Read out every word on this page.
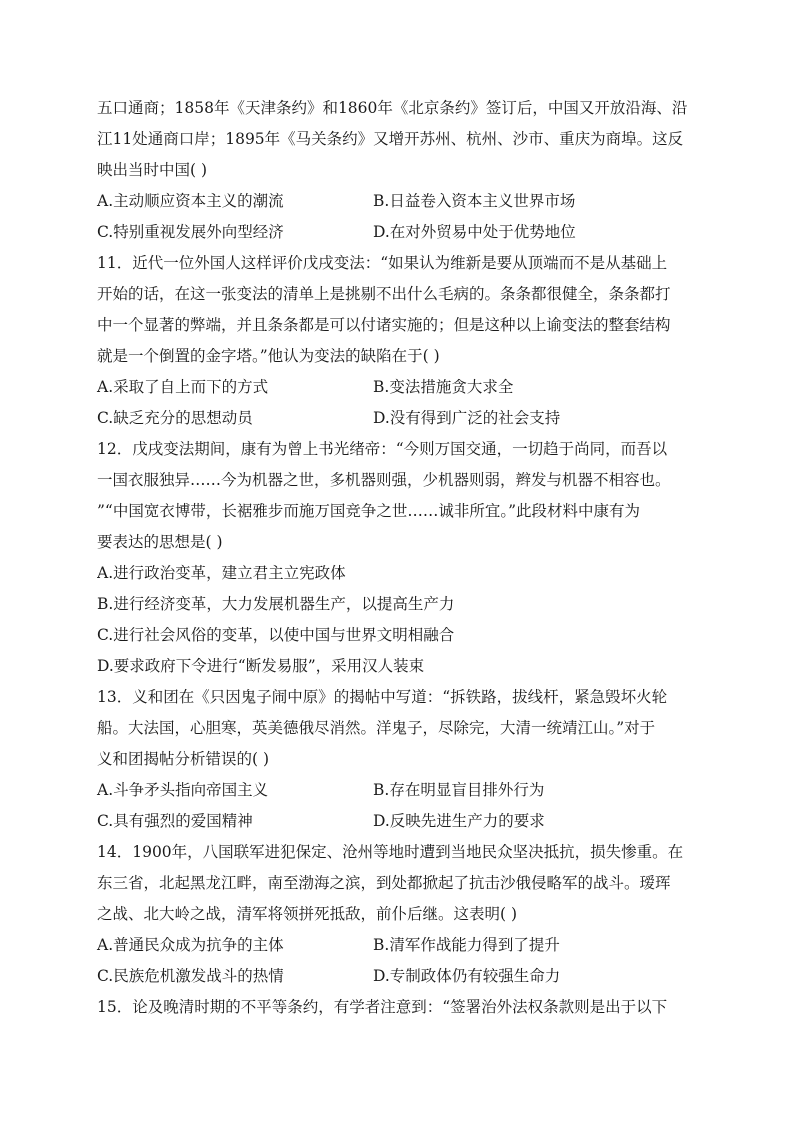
五口通商；1858年《天津条约》和1860年《北京条约》签订后，中国又开放沿海、沿
江11处通商口岸；1895年《马关条约》又增开苏州、杭州、沙市、重庆为商埠。这反
映出当时中国( )
A.主动顺应资本主义的潮流	B.日益卷入资本主义世界市场
C.特别重视发展外向型经济	D.在对外贸易中处于优势地位
11．近代一位外国人这样评价戊戌变法：“如果认为维新是要从顶端而不是从基础上
开始的话，在这一张变法的清单上是挑剔不出什么毛病的。条条都很健全，条条都打
中一个显著的弊端，并且条条都是可以付诸实施的；但是这种以上谕变法的整套结构
就是一个倒置的金字塔。”他认为变法的缺陷在于( )
A.采取了自上而下的方式	B.变法措施贪大求全
C.缺乏充分的思想动员	D.没有得到广泛的社会支持
12．戊戌变法期间，康有为曾上书光绪帝：“今则万国交通，一切趋于尚同，而吾以
一国衣服独异……今为机器之世，多机器则强，少机器则弱，辫发与机器不相容也。
”“中国宽衣博带，长裾雅步而施万国竞争之世……诚非所宜。”此段材料中康有为
要表达的思想是( )
A.进行政治变革，建立君主立宪政体
B.进行经济变革，大力发展机器生产，以提高生产力
C.进行社会风俗的变革，以使中国与世界文明相融合
D.要求政府下令进行“断发易服”，采用汉人装束
13．义和团在《只因鬼子闹中原》的揭帖中写道：“拆铁路，拔线杆，紧急毁坏火轮
船。大法国，心胆寒，英美德俄尽消然。洋鬼子，尽除完，大清一统靖江山。”对于
义和团揭帖分析错误的( )
A.斗争矛头指向帝国主义	B.存在明显盲目排外行为
C.具有强烈的爱国精神	D.反映先进生产力的要求
14．1900年，八国联军进犯保定、沧州等地时遭到当地民众坚决抵抗，损失惨重。在
东三省，北起黑龙江畔，南至渤海之滨，到处都掀起了抗击沙俄侵略军的战斗。瑷珲
之战、北大岭之战，清军将领拼死抵敌，前仆后继。这表明( )
A.普通民众成为抗争的主体	B.清军作战能力得到了提升
C.民族危机激发战斗的热情	D.专制政体仍有较强生命力
15．论及晚清时期的不平等条约，有学者注意到：“签署治外法权条款则是出于以下
